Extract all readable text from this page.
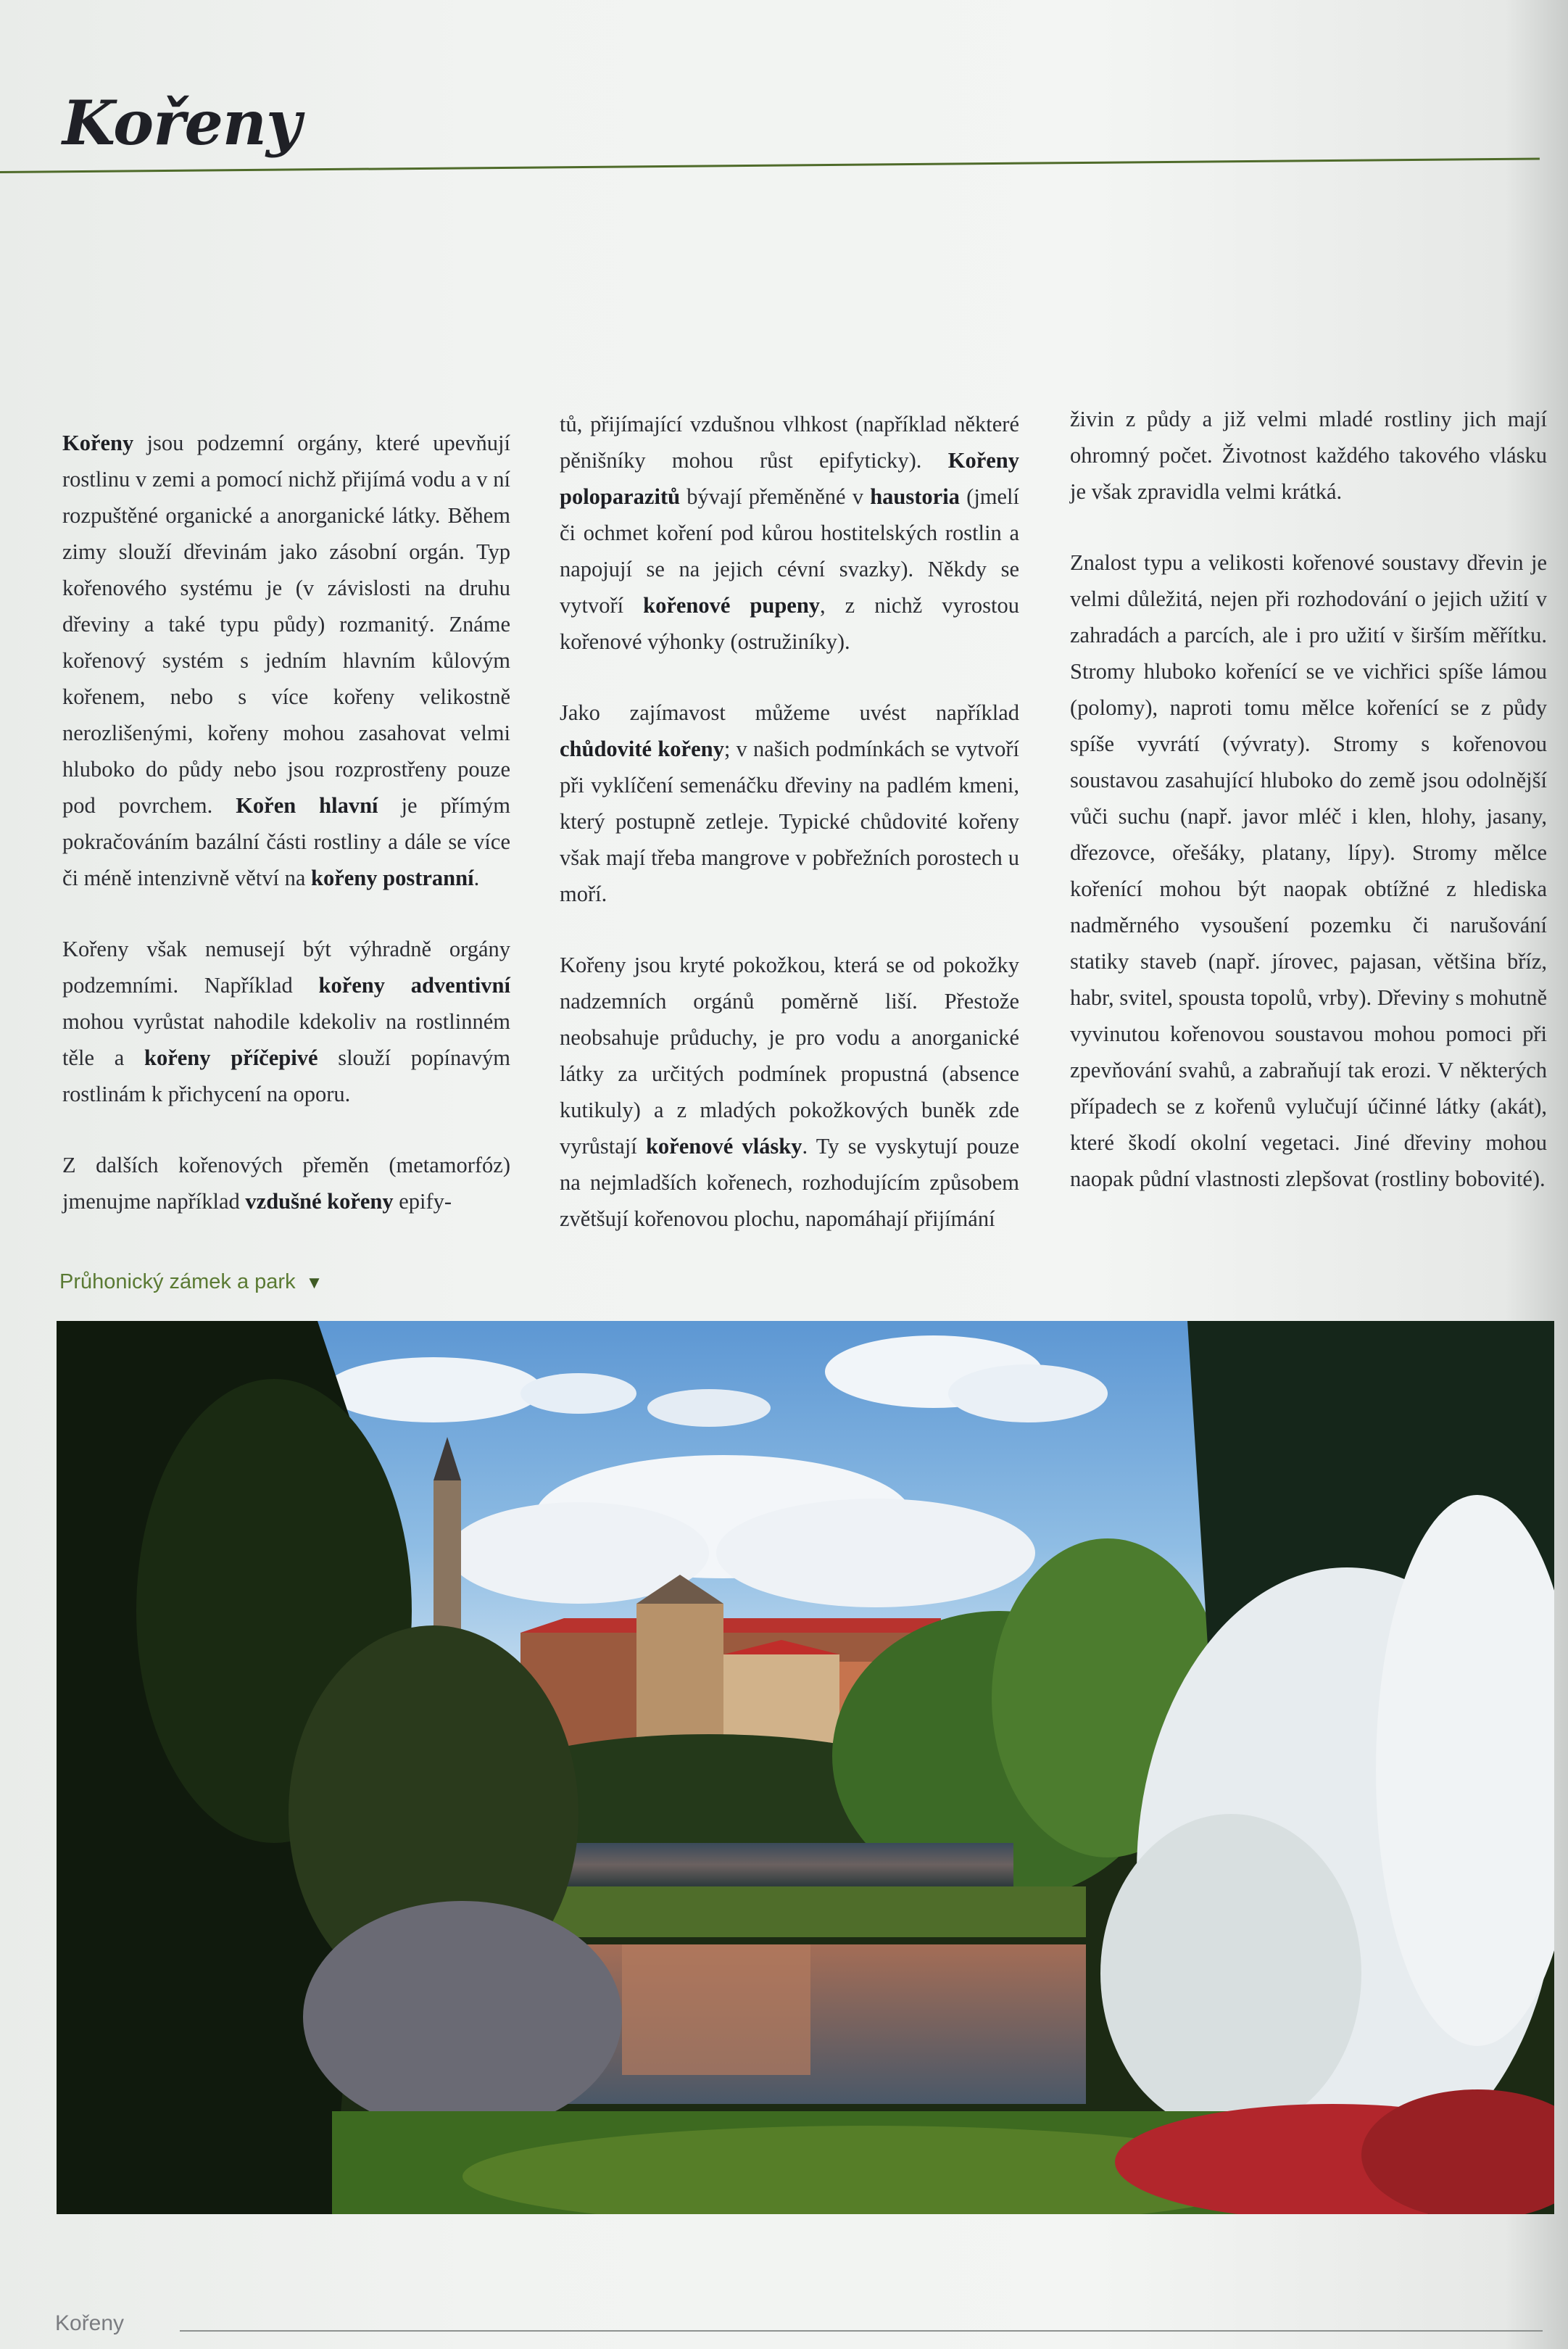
Kořeny

Kořeny jsou podzemní orgány, které upevňují rostlinu v zemi a pomocí nichž přijímá vodu a v ní rozpuštěné organické a anorganické látky. Během zimy slouží dřevinám jako zásobní orgán. Typ kořenového systému je (v závislosti na druhu dřeviny a také typu půdy) rozmanitý. Známe kořenový systém s jedním hlavním kůlovým kořenem, nebo s více kořeny velikostně nerozlišenými, kořeny mohou zasahovat velmi hluboko do půdy nebo jsou rozprostřeny pouze pod povrchem. Kořen hlavní je přímým pokračováním bazální části rostliny a dále se více či méně intenzivně větví na kořeny postranní.

Kořeny však nemusejí být výhradně orgány podzemními. Například kořeny adventivní mohou vyrůstat nahodile kdekoliv na rostlinném těle a kořeny příčepivé slouží popínavým rostlinám k přichycení na oporu.

Z dalších kořenových přeměn (metamorfóz) jmenujme například vzdušné kořeny epify-

tů, přijímající vzdušnou vlhkost (například některé pěnišníky mohou růst epifyticky). Kořeny poloparazitů bývají přeměněné v haustoria (jmelí či ochmet koření pod kůrou hostitelských rostlin a napojují se na jejich cévní svazky). Někdy se vytvoří kořenové pupeny, z nichž vyrostou kořenové výhonky (ostružiníky).

Jako zajímavost můžeme uvést například chůdovité kořeny; v našich podmínkách se vytvoří při vyklíčení semenáčku dřeviny na padlém kmeni, který postupně zetleje. Typické chůdovité kořeny však mají třeba mangrove v pobřežních porostech u moří.

Kořeny jsou kryté pokožkou, která se od pokožky nadzemních orgánů poměrně liší. Přestože neobsahuje průduchy, je pro vodu a anorganické látky za určitých podmínek propustná (absence kutikuly) a z mladých pokožkových buněk zde vyrůstají kořenové vlásky. Ty se vyskytují pouze na nejmladších kořenech, rozhodujícím způsobem zvětšují kořenovou plochu, napomáhají přijímání

živin z půdy a již velmi mladé rostliny jich mají ohromný počet. Životnost každého takového vlásku je však zpravidla velmi krátká.

Znalost typu a velikosti kořenové soustavy dřevin je velmi důležitá, nejen při rozhodování o jejich užití v zahradách a parcích, ale i pro užití v širším měřítku. Stromy hluboko kořenící se ve vichřici spíše lámou (polomy), naproti tomu mělce kořenící se z půdy spíše vyvrátí (vývraty). Stromy s kořenovou soustavou zasahující hluboko do země jsou odolnější vůči suchu (např. javor mléč i klen, hlohy, jasany, dřezovce, ořešáky, platany, lípy). Stromy mělce kořenící mohou být naopak obtížné z hlediska nadměrného vysoušení pozemku či narušování statiky staveb (např. jírovec, pajasan, většina bříz, habr, svitel, spousta topolů, vrby). Dřeviny s mohutně vyvinutou kořenovou soustavou mohou pomoci při zpevňování svahů, a zabraňují tak erozi. V některých případech se z kořenů vylučují účinné látky (akát), které škodí okolní vegetaci. Jiné dřeviny mohou naopak půdní vlastnosti zlepšovat (rostliny bobovité).

Průhonický zámek a park ▼
Kořeny
